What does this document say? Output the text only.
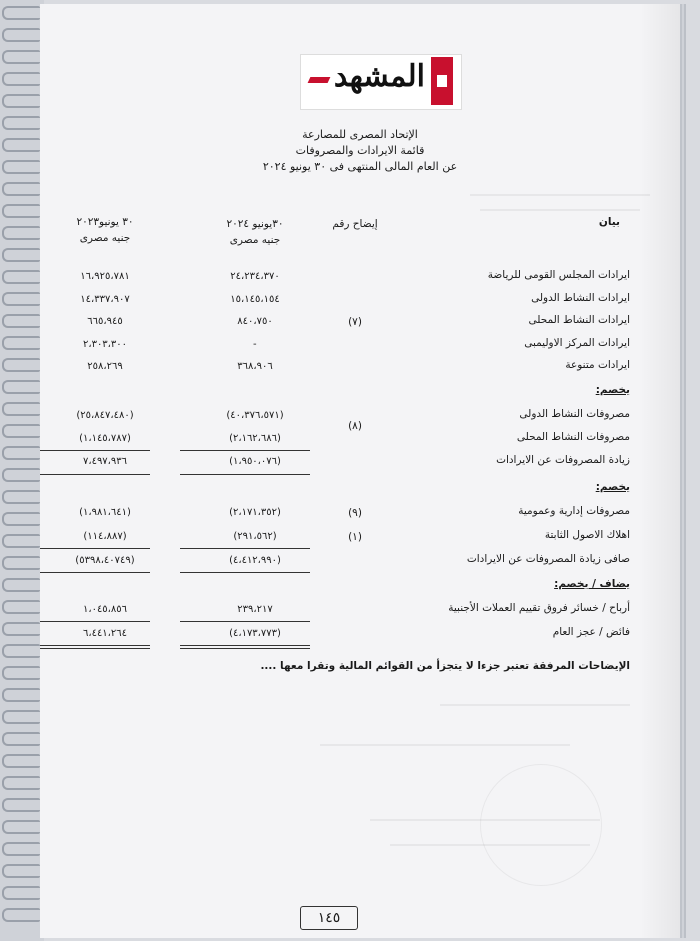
المشهد
الإتحاد المصرى للمصارعة
قائمة الايرادات والمصروفات
عن العام المالى المنتهى فى ٣٠ يونيو ٢٠٢٤
بيان
إيضاح رقم
٣٠يونيو ٢٠٢٤
جنيه مصرى
٣٠ يونيو٢٠٢٣
جنيه مصرى
ايرادات المجلس القومى للرياضة
٢٤،٢٣٤،٣٧٠
١٦،٩٢٥،٧٨١
ايرادات النشاط الدولى
١٥،١٤٥،١٥٤
١٤،٣٣٧،٩٠٧
ايرادات النشاط المحلى
(٧)
٨٤٠،٧٥٠
٦٦٥،٩٤٥
ايرادات المركز الاوليمبى
-
٢،٣٠٣،٣٠٠
ايرادات متنوعة
٣٦٨،٩٠٦
٢٥٨،٢٦٩
يخصم:
مصروفات النشاط الدولى
(٤٠،٣٧٦،٥٧١)
(٢٥،٨٤٧،٤٨٠)
(٨)
مصروفات النشاط المحلى
(٢،١٦٢،٦٨٦)
(١،١٤٥،٧٨٧)
زيادة المصروفات عن الايرادات
(١،٩٥٠،٠٧٦)
٧،٤٩٧،٩٣٦
يخصم:
مصروفات إدارية وعمومية
(٩)
(٢،١٧١،٣٥٢)
(١،٩٨١،٦٤١)
اهلاك الاصول الثابتة
(١)
(٢٩١،٥٦٢)
(١١٤،٨٨٧)
صافى زيادة المصروفات عن الايرادات
(٤،٤١٢،٩٩٠)
(٥٣٩٨،٤٠٧٤٩)
يضاف / يخصم:
أرباح / خسائر فروق تقييم العملات الأجنبية
٢٣٩،٢١٧
١،٠٤٥،٨٥٦
فائض / عجز العام
(٤،١٧٣،٧٧٣)
٦،٤٤١،٢٦٤
الإيضاحات المرفقة تعتبر جزءا لا يتجزأ من القوائم المالية وتقرا معها ....
١٤٥
